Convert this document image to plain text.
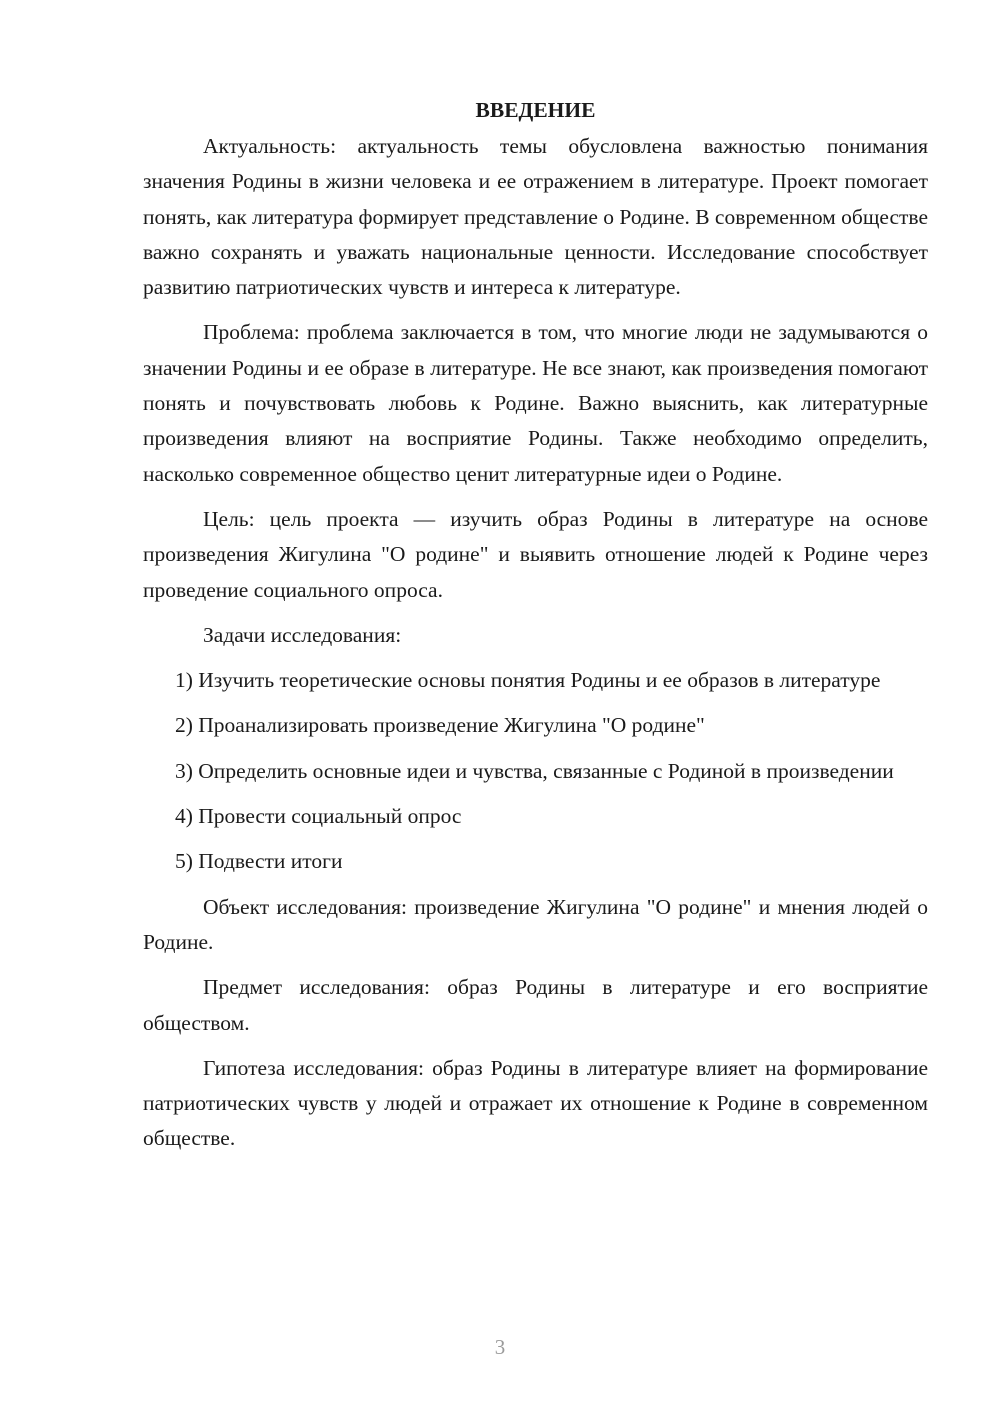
ВВЕДЕНИЕ

Актуальность: актуальность темы обусловлена важностью понимания значения Родины в жизни человека и ее отражением в литературе. Проект помогает понять, как литература формирует представление о Родине. В современном обществе важно сохранять и уважать национальные ценности. Исследование способствует развитию патриотических чувств и интереса к литературе.

Проблема: проблема заключается в том, что многие люди не задумываются о значении Родины и ее образе в литературе. Не все знают, как произведения помогают понять и почувствовать любовь к Родине. Важно выяснить, как литературные произведения влияют на восприятие Родины. Также необходимо определить, насколько современное общество ценит литературные идеи о Родине.

Цель: цель проекта — изучить образ Родины в литературе на основе произведения Жигулина "О родине" и выявить отношение людей к Родине через проведение социального опроса.

Задачи исследования:

1) Изучить теоретические основы понятия Родины и ее образов в литературе

2) Проанализировать произведение Жигулина "О родине"

3) Определить основные идеи и чувства, связанные с Родиной в произведении

4) Провести социальный опрос

5) Подвести итоги

Объект исследования: произведение Жигулина "О родине" и мнения людей о Родине.

Предмет исследования: образ Родины в литературе и его восприятие обществом.

Гипотеза исследования: образ Родины в литературе влияет на формирование патриотических чувств у людей и отражает их отношение к Родине в современном обществе.

3
